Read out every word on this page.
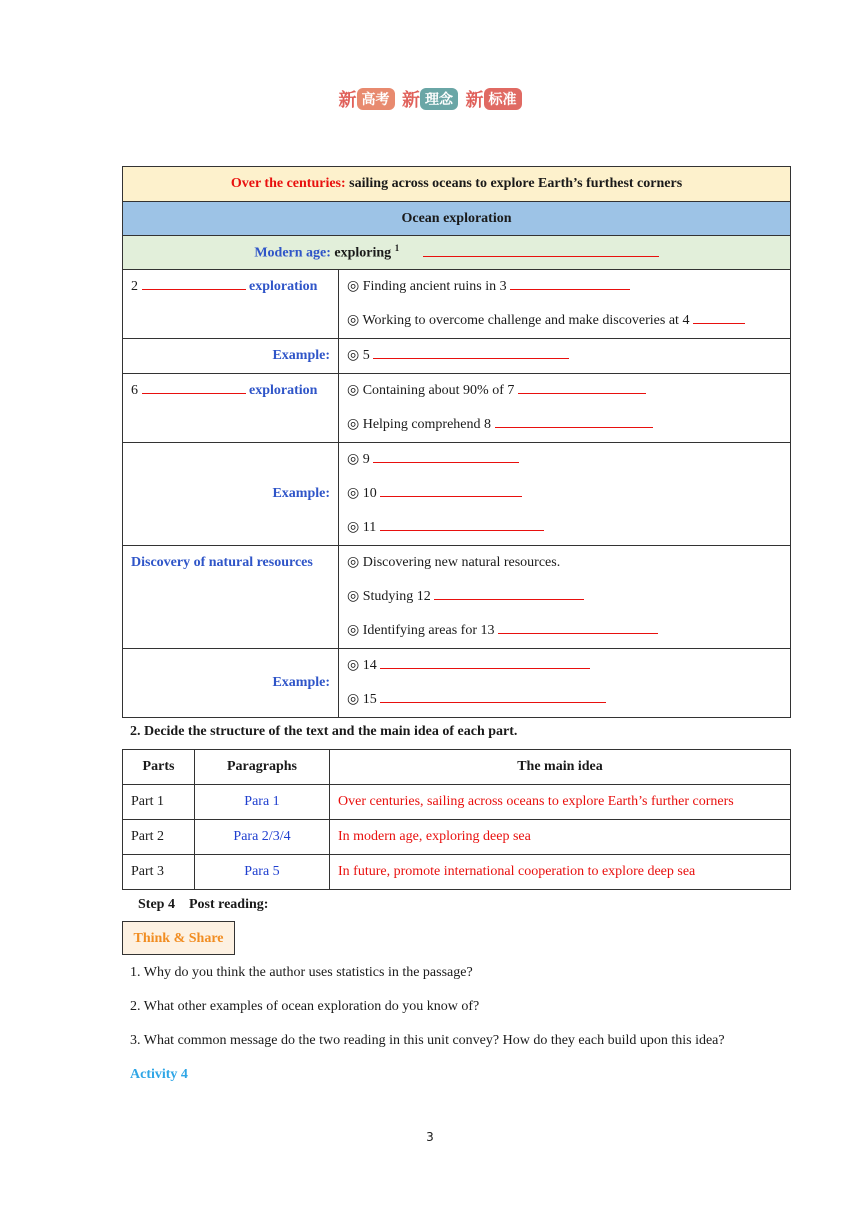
新 高考 新 理念 新 标准
Over the centuries: sailing across oceans to explore Earth’s furthest corners	
Ocean exploration	
Modern age: exploring $^1$

2 exploration	◎ Finding ancient ruins in 3
◎ Working to overcome challenge and make discoveries at 4

Example:	◎ 5

6 exploration	◎ Containing about 90% of 7
◎ Helping comprehend 8

Example:	◎ 9
◎ 10
◎ 11

Discovery of natural resources	◎ Discovering new natural resources.
◎ Studying 12
◎ Identifying areas for 13

Example:	◎ 14
◎ 15
2. Decide the structure of the text and the main idea of each part.
Parts	Paragraphs	The main idea
Part 1	Para 1	Over centuries, sailing across oceans to explore Earth’s further corners
Part 2	Para 2/3/4	In modern age, exploring deep sea
Part 3	Para 5	In future, promote international cooperation to explore deep sea
Step 4    Post reading:
Think & Share
1. Why do you think the author uses statistics in the passage?
2. What other examples of ocean exploration do you know of?
3. What common message do the two reading in this unit convey? How do they each build upon this idea?
Activity 4
3
